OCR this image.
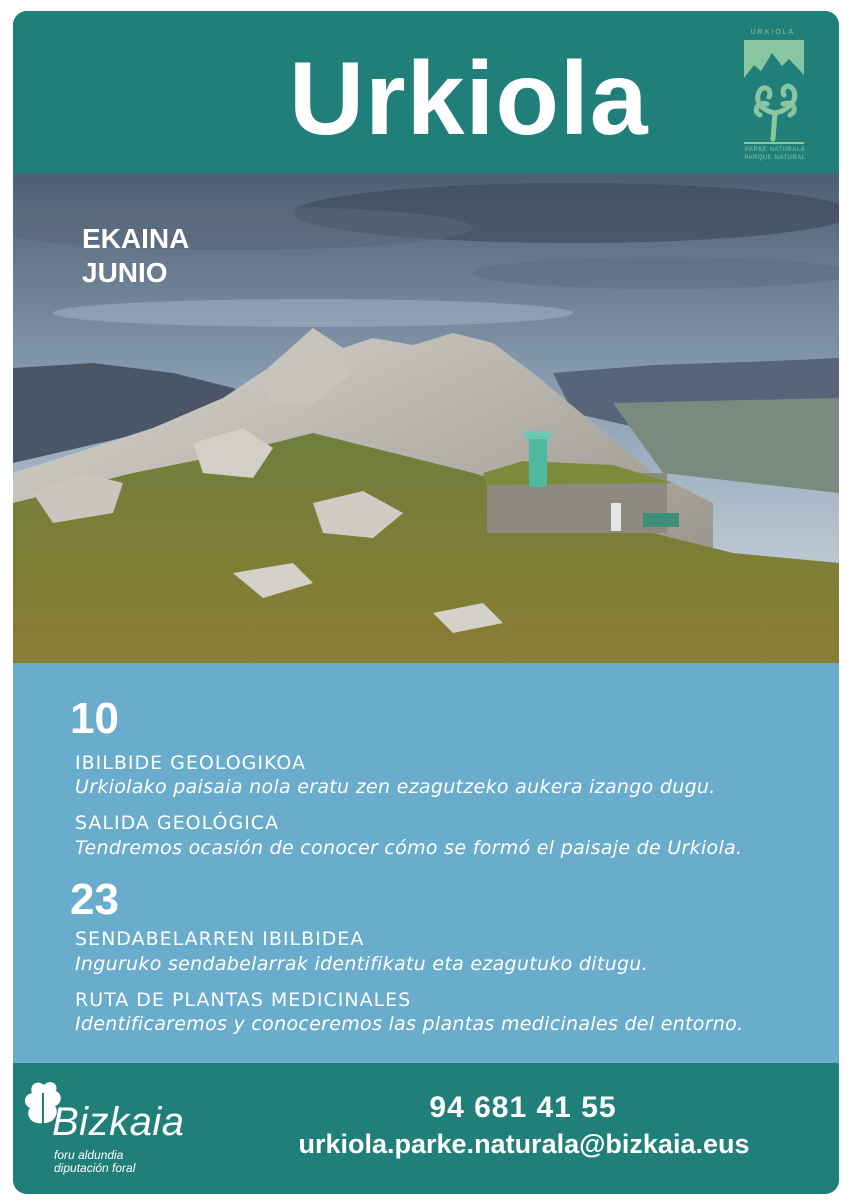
Urkiola
URKIOLA
PARKE NATURALA
PARQUE NATURAL
EKAINA
JUNIO
10
IBILBIDE GEOLOGIKOA
Urkiolako paisaia nola eratu zen ezagutzeko aukera izango dugu.
SALIDA GEOLÓGICA
Tendremos ocasión de conocer cómo se formó el paisaje de Urkiola.
23
SENDABELARREN IBILBIDEA
Inguruko sendabelarrak identifikatu eta ezagutuko ditugu.
RUTA DE PLANTAS MEDICINALES
Identificaremos y conoceremos las plantas medicinales del entorno.
Bizkaia
foru aldundia
diputación foral
94 681 41 55
urkiola.parke.naturala@bizkaia.eus
